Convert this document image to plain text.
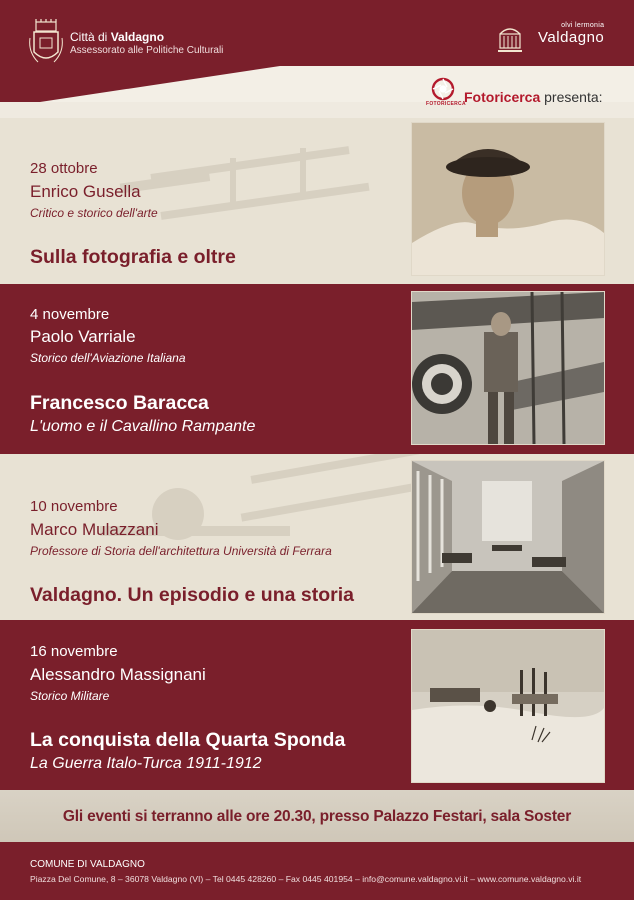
Città di Valdagno
Assessorato alle Politiche Culturali
olvi lermonia
Valdagno
FOTORICERCA
Fotoricerca presenta:
28 ottobre
Enrico Gusella
Critico e storico dell'arte
Sulla fotografia e oltre
4 novembre
Paolo Varriale
Storico dell'Aviazione Italiana
Francesco Baracca
L'uomo e il Cavallino Rampante
10 novembre
Marco Mulazzani
Professore di Storia dell'architettura Università di Ferrara
Valdagno. Un episodio e una storia
16 novembre
Alessandro Massignani
Storico Militare
La conquista della Quarta Sponda
La Guerra Italo-Turca 1911-1912
Gli eventi si terranno alle ore 20.30, presso Palazzo Festari, sala Soster
COMUNE DI VALDAGNO
Piazza Del Comune, 8 – 36078 Valdagno (VI) – Tel 0445 428260 – Fax 0445 401954 – info@comune.valdagno.vi.it – www.comune.valdagno.vi.it
